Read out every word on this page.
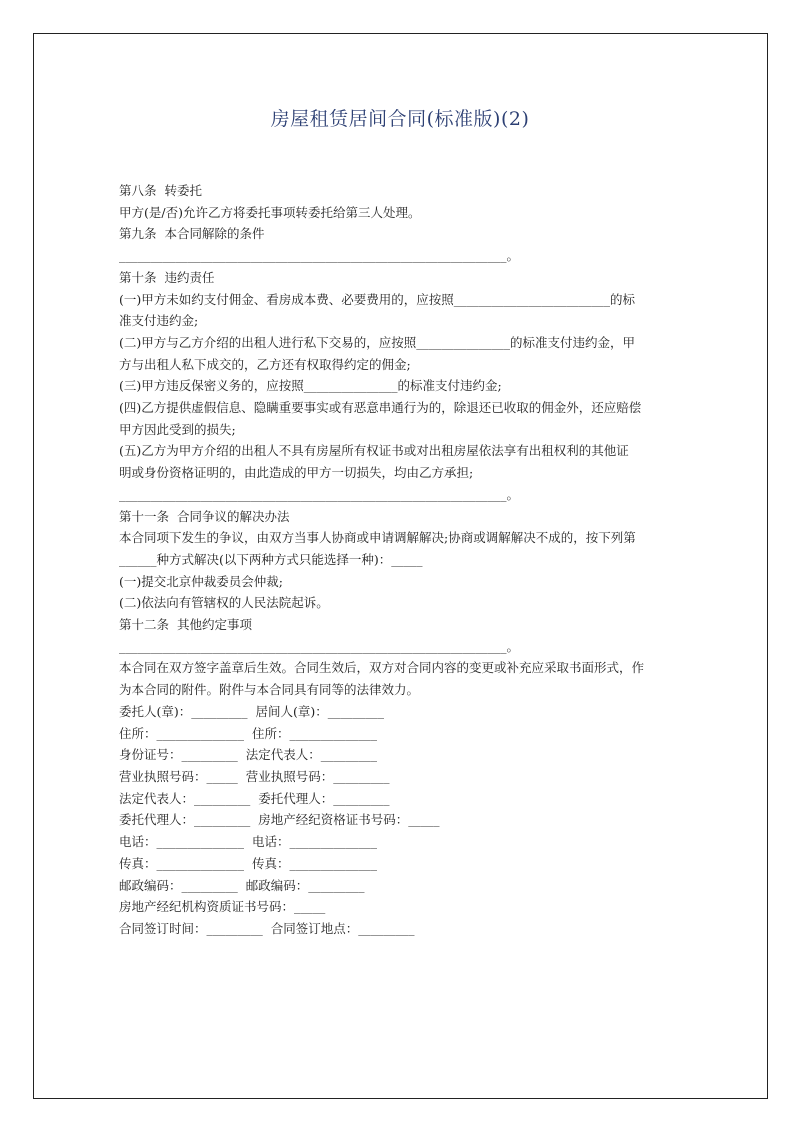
房屋租赁居间合同(标准版)(2)

第八条  转委托

甲方(是/否)允许乙方将委托事项转委托给第三人处理。

第九条  本合同解除的条件

______________________________________________________________。

第十条  违约责任

(一)甲方未如约支付佣金、看房成本费、必要费用的，应按照_________________________的标

准支付违约金;

(二)甲方与乙方介绍的出租人进行私下交易的，应按照_______________的标准支付违约金，甲

方与出租人私下成交的，乙方还有权取得约定的佣金;

(三)甲方违反保密义务的，应按照_______________的标准支付违约金;

(四)乙方提供虚假信息、隐瞒重要事实或有恶意串通行为的，除退还已收取的佣金外，还应赔偿

甲方因此受到的损失;

(五)乙方为甲方介绍的出租人不具有房屋所有权证书或对出租房屋依法享有出租权利的其他证

明或身份资格证明的，由此造成的甲方一切损失，均由乙方承担;

______________________________________________________________。

第十一条  合同争议的解决办法

本合同项下发生的争议，由双方当事人协商或申请调解解决;协商或调解解决不成的，按下列第

______种方式解决(以下两种方式只能选择一种)：_____

(一)提交北京仲裁委员会仲裁;

(二)依法向有管辖权的人民法院起诉。

第十二条  其他约定事项

______________________________________________________________。

本合同在双方签字盖章后生效。合同生效后，双方对合同内容的变更或补充应采取书面形式，作

为本合同的附件。附件与本合同具有同等的法律效力。

委托人(章)：_________  居间人(章)：_________

住所：______________  住所：______________

身份证号：_________  法定代表人：_________

营业执照号码：_____  营业执照号码：_________

法定代表人：_________  委托代理人：_________

委托代理人：_________  房地产经纪资格证书号码：_____

电话：______________  电话：______________

传真：______________  传真：______________

邮政编码：_________  邮政编码：_________

房地产经纪机构资质证书号码：_____

合同签订时间：_________  合同签订地点：_________
